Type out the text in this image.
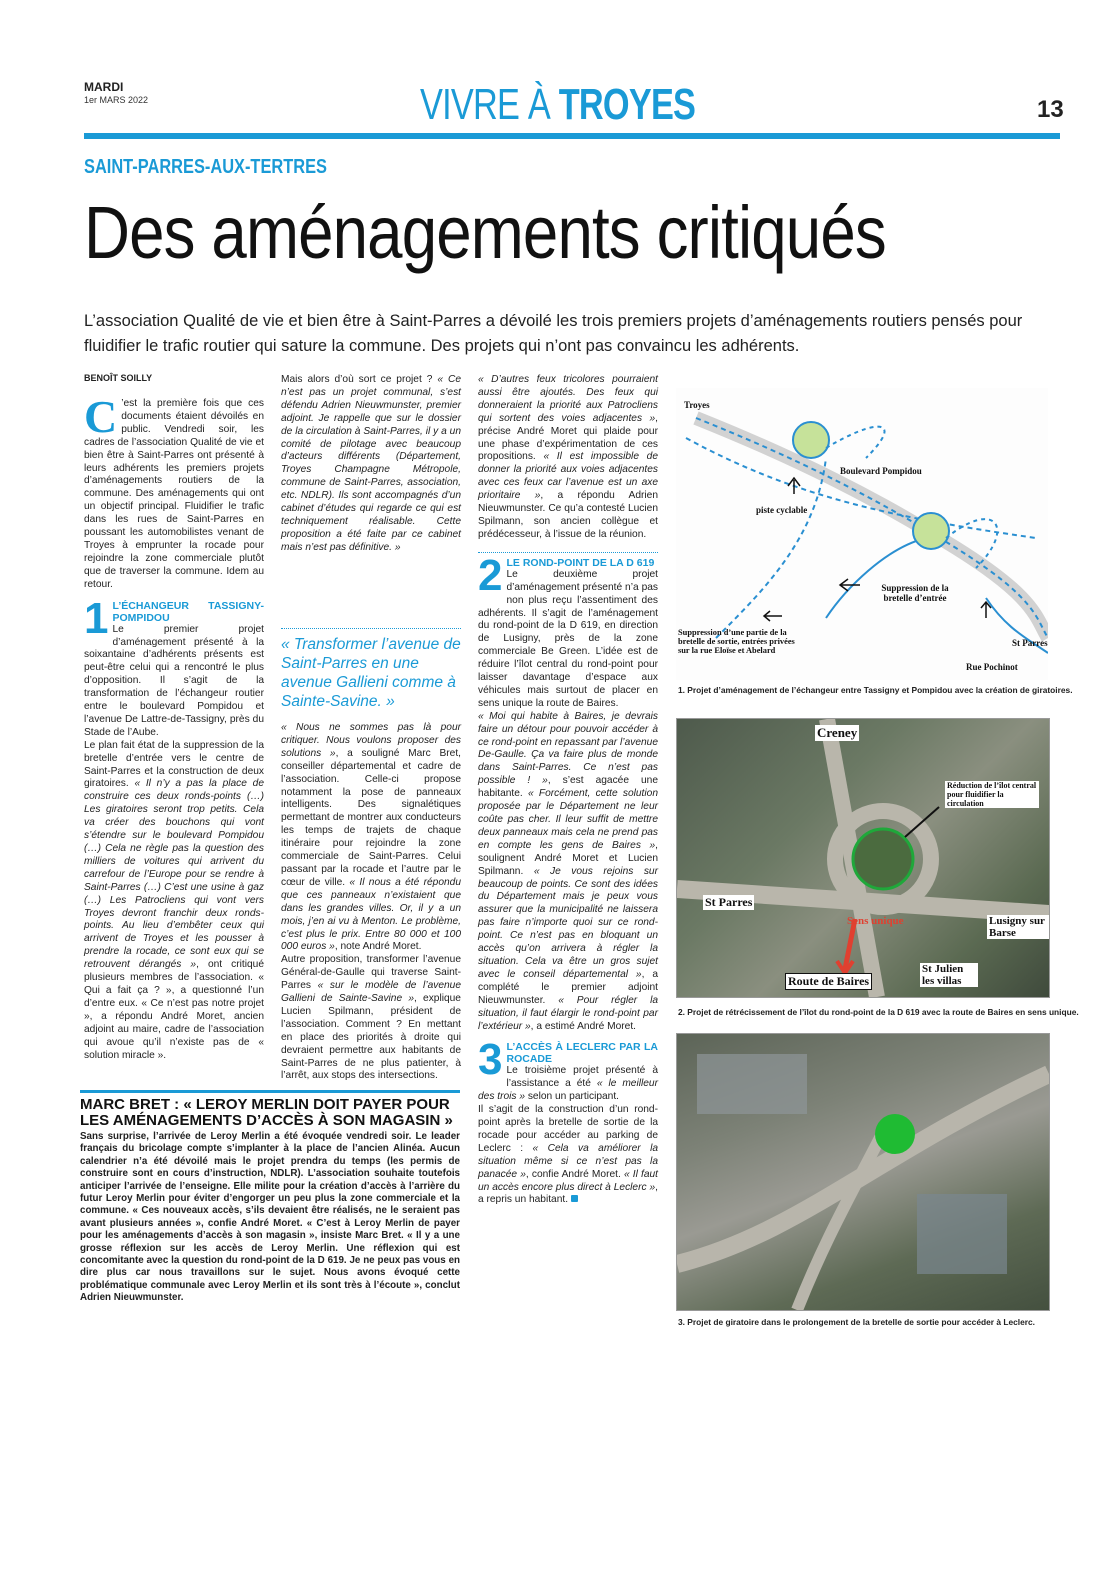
MARDI
1er MARS 2022	VIVRE À TROYES	13
SAINT-PARRES-AUX-TERTRES
Des aménagements critiqués
L’association Qualité de vie et bien être à Saint-Parres a dévoilé les trois premiers projets d’aménagements routiers pensés pour fluidifier le trafic routier qui sature la commune. Des projets qui n’ont pas convaincu les adhérents.
BENOÎT SOILLY
C ’est la première fois que ces documents étaient dévoilés en public. Vendredi soir, les cadres de l’association Qualité de vie et bien être à Saint-Parres ont présenté à leurs adhérents les premiers projets d’aménagements routiers de la commune. Des aménagements qui ont un objectif principal. Fluidifier le trafic dans les rues de Saint-Parres en poussant les automobilistes venant de Troyes à emprunter la rocade pour rejoindre la zone commerciale plutôt que de traverser la commune. Idem au retour.
1 L’ÉCHANGEUR TASSIGNY-POMPIDOU
Le premier projet d’aménagement présenté à la soixantaine d’adhérents présents est peut-être celui qui a rencontré le plus d’opposition. Il s’agit de la transformation de l’échangeur routier entre le boulevard Pompidou et l’avenue De Lattre-de-Tassigny, près du Stade de l’Aube.
Le plan fait état de la suppression de la bretelle d’entrée vers le centre de Saint-Parres et la construction de deux giratoires. « Il n’y a pas la place de construire ces deux ronds-points (…) Les giratoires seront trop petits. Cela va créer des bouchons qui vont s’étendre sur le boulevard Pompidou (…) Cela ne règle pas la question des milliers de voitures qui arrivent du carrefour de l’Europe pour se rendre à Saint-Parres (…) C’est une usine à gaz (…) Les Patrocliens qui vont vers Troyes devront franchir deux ronds-points. Au lieu d’embêter ceux qui arrivent de Troyes et les pousser à prendre la rocade, ce sont eux qui se retrouvent dérangés », ont critiqué plusieurs membres de l’association. « Qui a fait ça ? », a questionné l’un d’entre eux. « Ce n’est pas notre projet », a répondu André Moret, ancien adjoint au maire, cadre de l’association qui avoue qu’il n’existe pas de « solution miracle ».
Mais alors d’où sort ce projet ? « Ce n’est pas un projet communal, s’est défendu Adrien Nieuwmunster, premier adjoint. Je rappelle que sur le dossier de la circulation à Saint-Parres, il y a un comité de pilotage avec beaucoup d’acteurs différents (Département, Troyes Champagne Métropole, commune de Saint-Parres, association, etc. NDLR). Ils sont accompagnés d’un cabinet d’études qui regarde ce qui est techniquement réalisable. Cette proposition a été faite par ce cabinet mais n’est pas définitive. »

« Transformer l’avenue de Saint-Parres en une avenue Gallieni comme à Sainte-Savine. »

« Nous ne sommes pas là pour critiquer. Nous voulons proposer des solutions », a souligné Marc Bret, conseiller départemental et cadre de l’association. Celle-ci propose notamment la pose de panneaux intelligents. Des signalétiques permettant de montrer aux conducteurs les temps de trajets de chaque itinéraire pour rejoindre la zone commerciale de Saint-Parres. Celui passant par la rocade et l’autre par le cœur de ville. « Il nous a été répondu que ces panneaux n’existaient que dans les grandes villes. Or, il y a un mois, j’en ai vu à Menton. Le problème, c’est plus le prix. Entre 80 000 et 100 000 euros », note André Moret.
Autre proposition, transformer l’avenue Général-de-Gaulle qui traverse Saint-Parres « sur le modèle de l’avenue Gallieni de Sainte-Savine », explique Lucien Spilmann, président de l’association. Comment ? En mettant en place des priorités à droite qui devraient permettre aux habitants de Saint-Parres de ne plus patienter, à l’arrêt, aux stops des intersections.
« D’autres feux tricolores pourraient aussi être ajoutés. Des feux qui donneraient la priorité aux Patrocliens qui sortent des voies adjacentes », précise André Moret qui plaide pour une phase d’expérimentation de ces propositions. « Il est impossible de donner la priorité aux voies adjacentes avec ces feux car l’avenue est un axe prioritaire », a répondu Adrien Nieuwmunster. Ce qu’a contesté Lucien Spilmann, son ancien collègue et prédécesseur, à l’issue de la réunion.
2 LE ROND-POINT DE LA D 619
Le deuxième projet d’aménagement présenté n’a pas non plus reçu l’assentiment des adhérents. Il s’agit de l’aménagement du rond-point de la D 619, en direction de Lusigny, près de la zone commerciale Be Green. L’idée est de réduire l’îlot central du rond-point pour laisser davantage d’espace aux véhicules mais surtout de placer en sens unique la route de Baires.
« Moi qui habite à Baires, je devrais faire un détour pour pouvoir accéder à ce rond-point en repassant par l’avenue De-Gaulle. Ça va faire plus de monde dans Saint-Parres. Ce n’est pas possible ! », s’est agacée une habitante. « Forcément, cette solution proposée par le Département ne leur coûte pas cher. Il leur suffit de mettre deux panneaux mais cela ne prend pas en compte les gens de Baires », soulignent André Moret et Lucien Spilmann. « Je vous rejoins sur beaucoup de points. Ce sont des idées du Département mais je peux vous assurer que la municipalité ne laissera pas faire n’importe quoi sur ce rond-point. Ce n’est pas en bloquant un accès qu’on arrivera à régler la situation. Cela va être un gros sujet avec le conseil départemental », a complété le premier adjoint Nieuwmunster. « Pour régler la situation, il faut élargir le rond-point par l’extérieur », a estimé André Moret.
3 L’ACCÈS À LECLERC PAR LA ROCADE
Le troisième projet présenté à l’assistance a été « le meilleur des trois » selon un participant.
Il s’agit de la construction d’un rond-point après la bretelle de sortie de la rocade pour accéder au parking de Leclerc : « Cela va améliorer la situation même si ce n’est pas la panacée », confie André Moret. « Il faut un accès encore plus direct à Leclerc », a repris un habitant.
MARC BRET : « LEROY MERLIN DOIT PAYER POUR LES AMÉNAGEMENTS D’ACCÈS À SON MAGASIN »

Sans surprise, l’arrivée de Leroy Merlin a été évoquée vendredi soir. Le leader français du bricolage compte s’implanter à la place de l’ancien Alinéa. Aucun calendrier n’a été dévoilé mais le projet prendra du temps (les permis de construire sont en cours d’instruction, NDLR). L’association souhaite toutefois anticiper l’arrivée de l’enseigne. Elle milite pour la création d’accès à l’arrière du futur Leroy Merlin pour éviter d’engorger un peu plus la zone commerciale et la commune. « Ces nouveaux accès, s’ils devaient être réalisés, ne le seraient pas avant plusieurs années », confie André Moret. « C’est à Leroy Merlin de payer pour les aménagements d’accès à son magasin », insiste Marc Bret. « Il y a une grosse réflexion sur les accès de Leroy Merlin. Une réflexion qui est concomitante avec la question du rond-point de la D 619. Je ne peux pas vous en dire plus car nous travaillons sur le sujet. Nous avons évoqué cette problématique communale avec Leroy Merlin et ils sont très à l’écoute », conclut Adrien Nieuwmunster.

Troyes
Boulevard Pompidou
piste cyclable
Suppression de la bretelle d’entrée
Suppression d’une partie de la bretelle de sortie, entrées privées sur la rue Eloïse et Abelard
St Parres
Rue Pochinot
1. Projet d’aménagement de l’échangeur entre Tassigny et Pompidou avec la création de giratoires.
Creney
Réduction de l’îlot central pour fluidifier la circulation
St Parres
Sens unique	Lusigny sur Barse
Route de Baires
St Julien les villas
2. Projet de rétrécissement de l’îlot du rond-point de la D 619 avec la route de Baires en sens unique.
3. Projet de giratoire dans le prolongement de la bretelle de sortie pour accéder à Leclerc.
